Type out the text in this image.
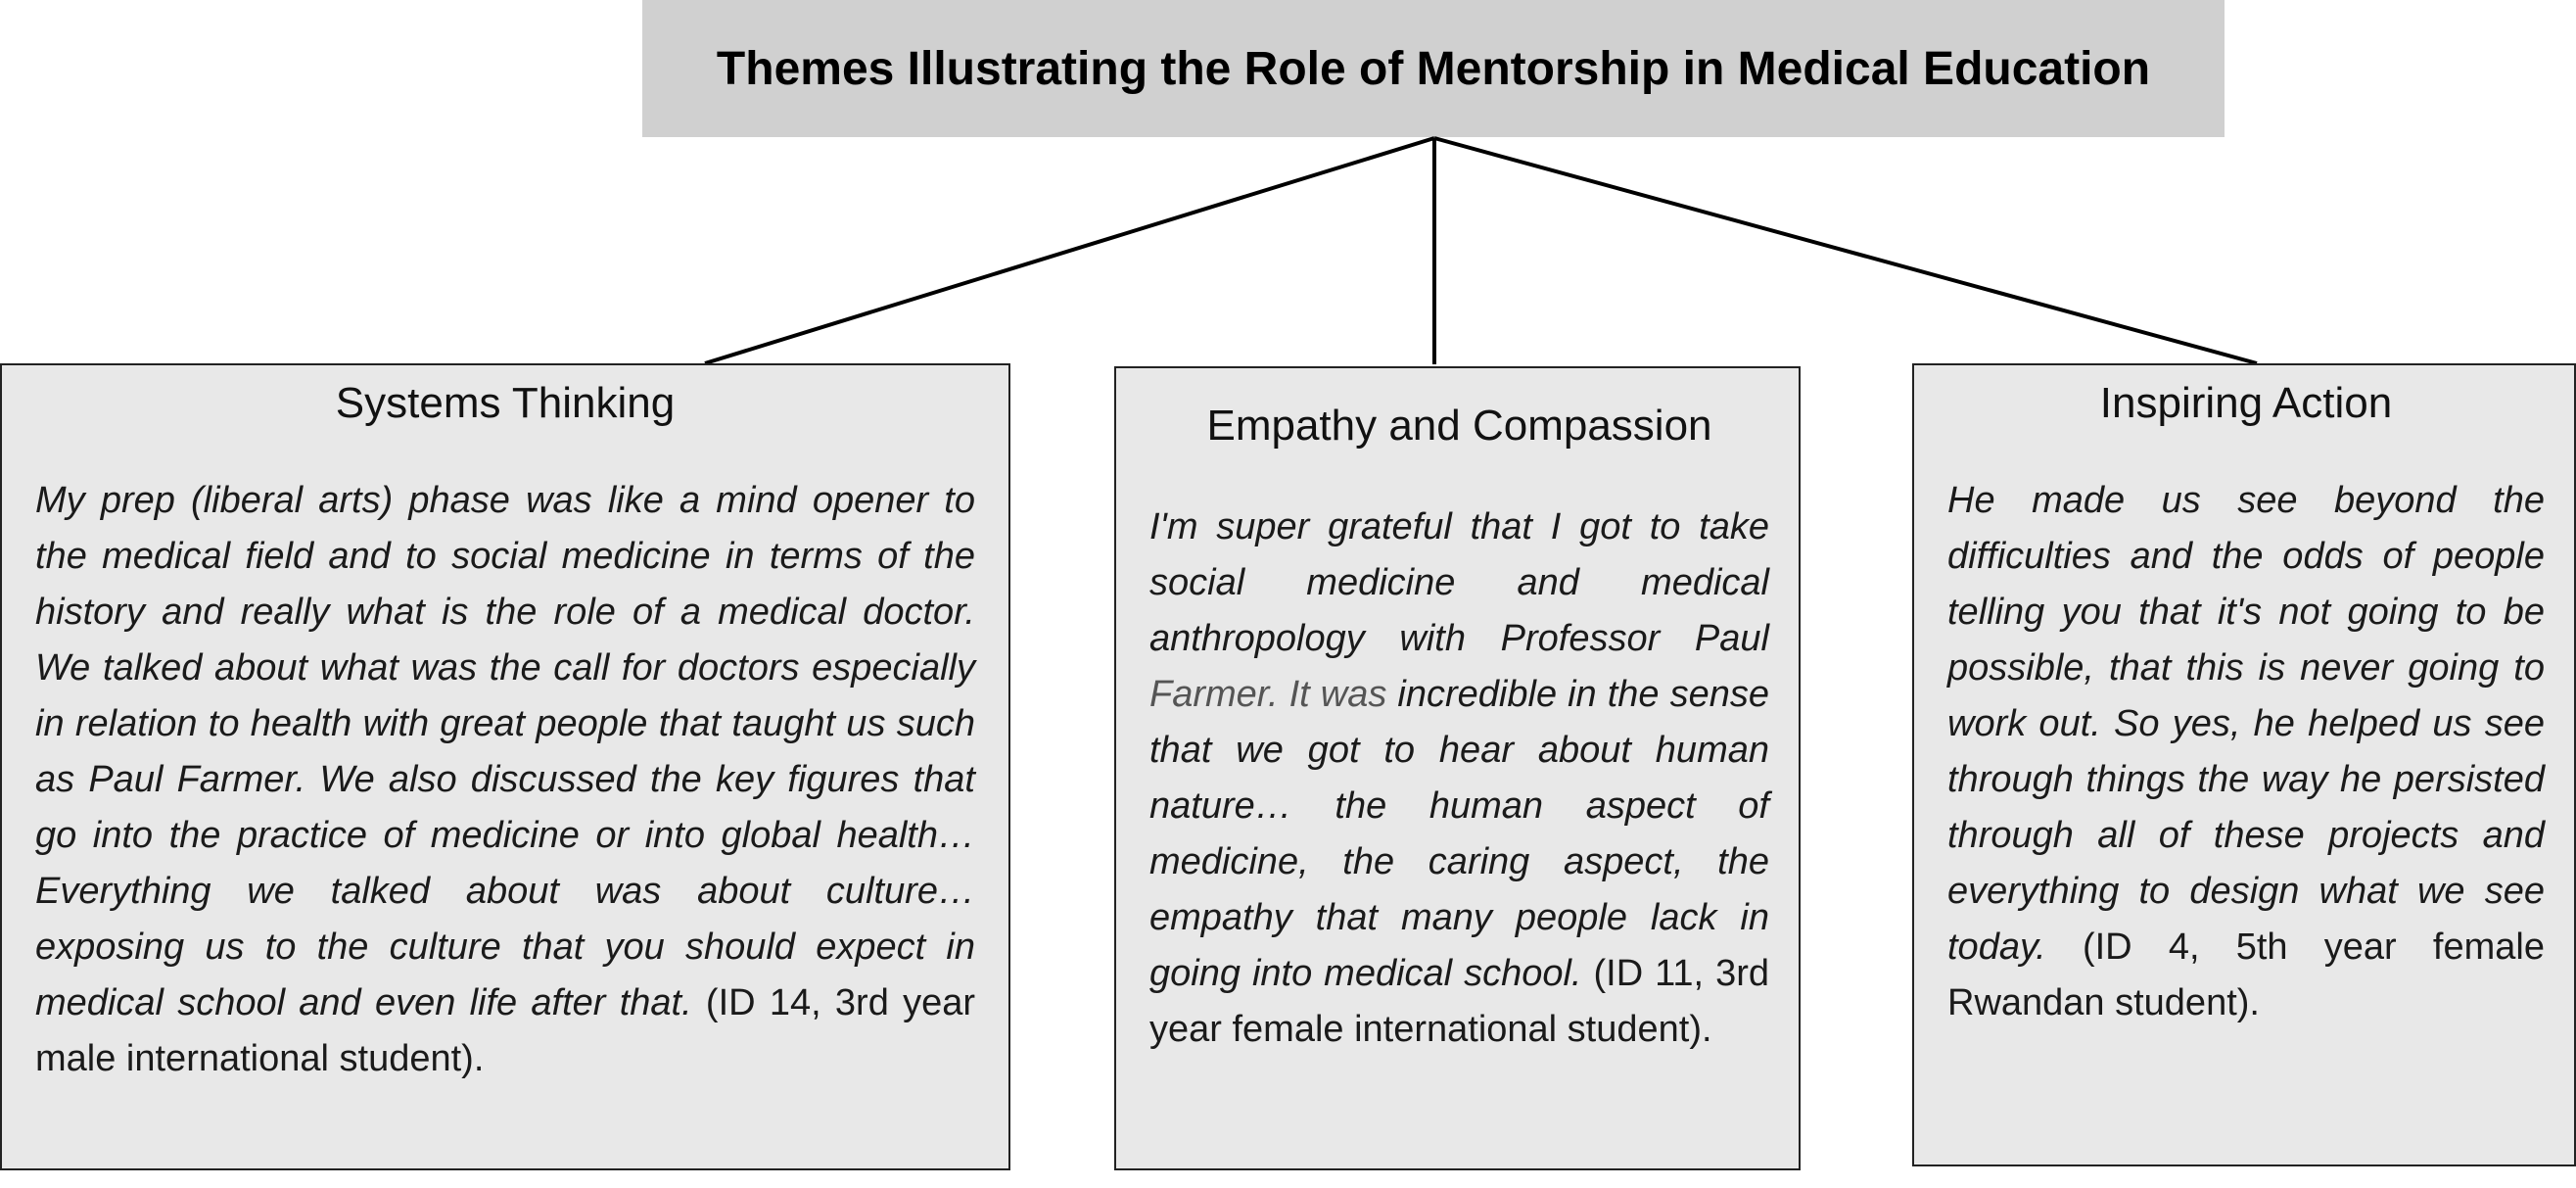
Themes Illustrating the Role of Mentorship in Medical Education
Systems Thinking

My prep (liberal arts) phase was like a mind opener to the medical field and to social medicine in terms of the history and really what is the role of a medical doctor. We talked about what was the call for doctors especially in relation to health with great people that taught us such as Paul Farmer. We also discussed the key figures that go into the practice of medicine or into global health… Everything we talked about was about culture… exposing us to the culture that you should expect in medical school and even life after that. (ID 14, 3rd year male international student).

Empathy and Compassion

I'm super grateful that I got to take social medicine and medical anthropology with Professor Paul Farmer. It was incredible in the sense that we got to hear about human nature… the human aspect of medicine, the caring aspect, the empathy that many people lack in going into medical school. (ID 11, 3rd year female international student).

Inspiring Action

He made us see beyond the difficulties and the odds of people telling you that it's not going to be possible, that this is never going to work out. So yes, he helped us see through things the way he persisted through all of these projects and everything to design what we see today. (ID 4, 5th year female Rwandan student).
